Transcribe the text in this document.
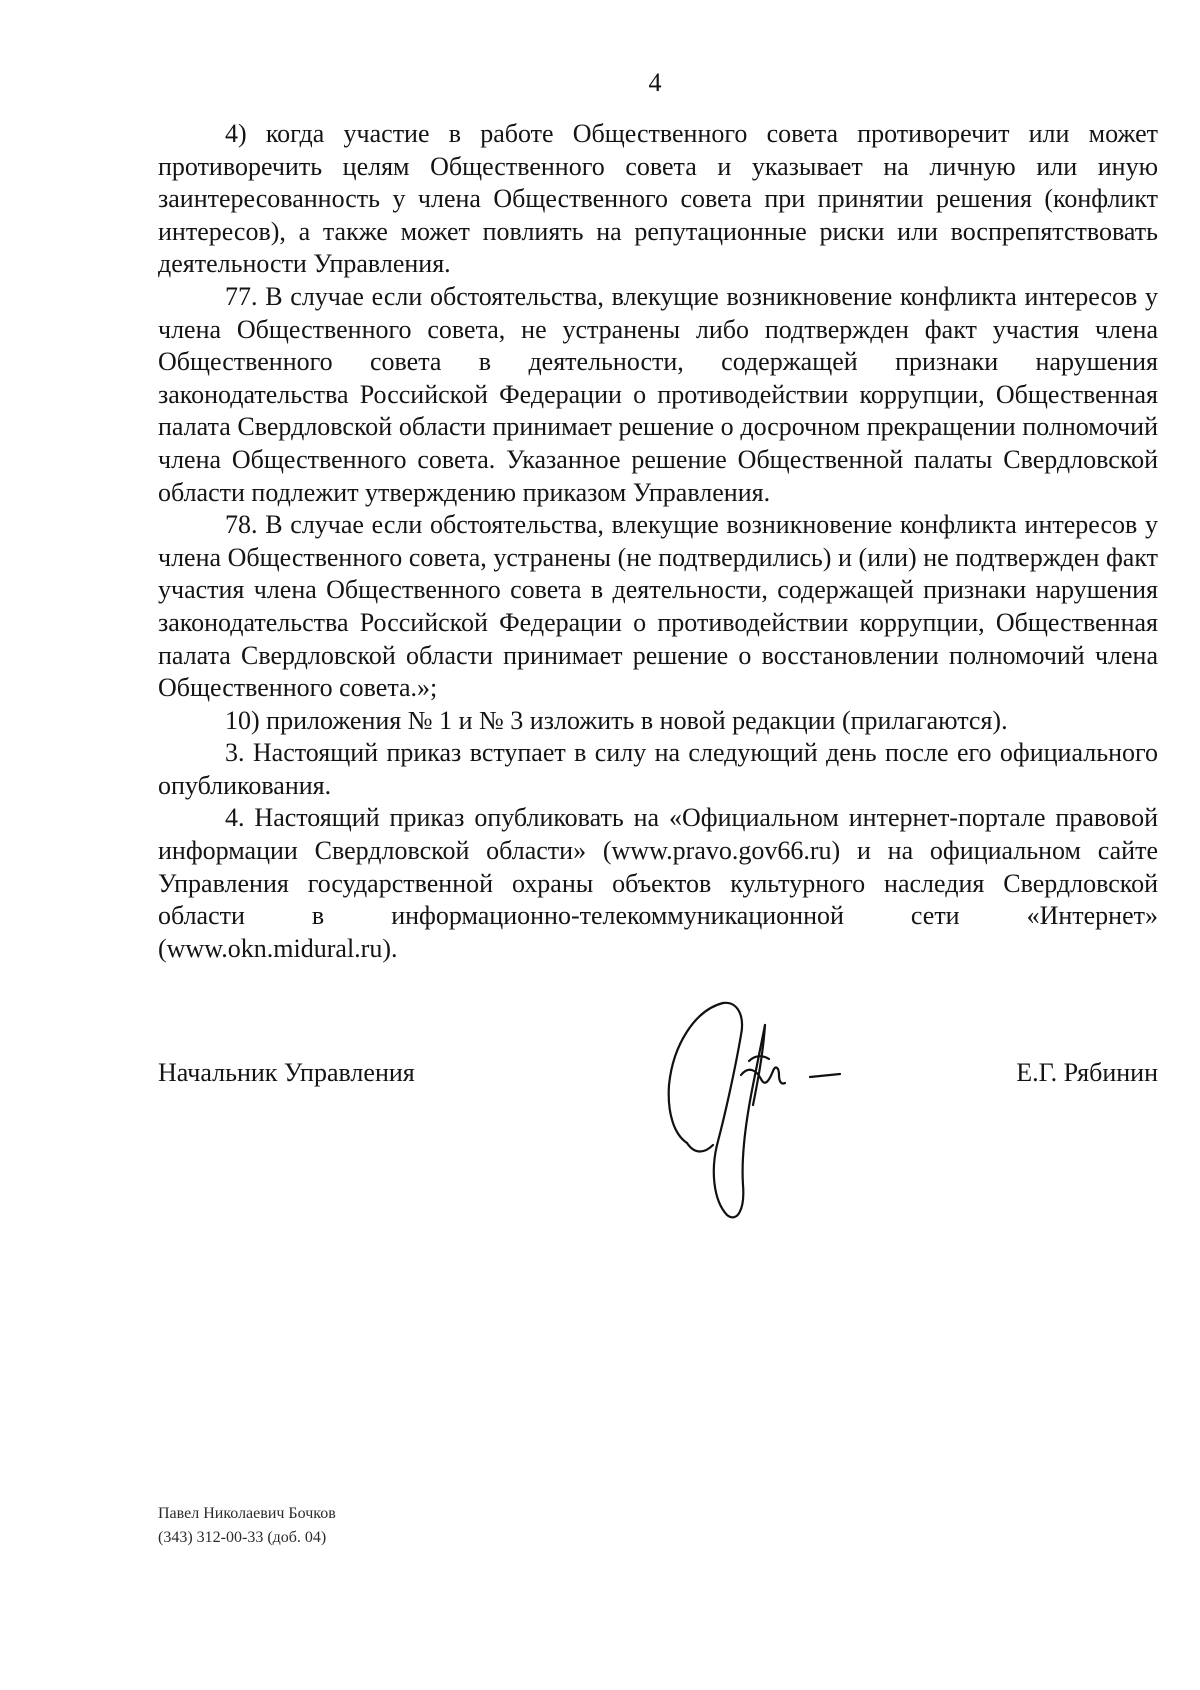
4

4) когда участие в работе Общественного совета противоречит или может противоречить целям Общественного совета и указывает на личную или иную заинтересованность у члена Общественного совета при принятии решения (конфликт интересов), а также может повлиять на репутационные риски или воспрепятствовать деятельности Управления.

77. В случае если обстоятельства, влекущие возникновение конфликта интересов у члена Общественного совета, не устранены либо подтвержден факт участия члена Общественного совета в деятельности, содержащей признаки нарушения законодательства Российской Федерации о противодействии коррупции, Общественная палата Свердловской области принимает решение о досрочном прекращении полномочий члена Общественного совета. Указанное решение Общественной палаты Свердловской области подлежит утверждению приказом Управления.

78. В случае если обстоятельства, влекущие возникновение конфликта интересов у члена Общественного совета, устранены (не подтвердились) и (или) не подтвержден факт участия члена Общественного совета в деятельности, содержащей признаки нарушения законодательства Российской Федерации о противодействии коррупции, Общественная палата Свердловской области принимает решение о восстановлении полномочий члена Общественного совета.»;

10) приложения № 1 и № 3 изложить в новой редакции (прилагаются).

3. Настоящий приказ вступает в силу на следующий день после его официального опубликования.

4. Настоящий приказ опубликовать на «Официальном интернет-портале правовой информации Свердловской области» (www.pravo.gov66.ru) и на официальном сайте Управления государственной охраны объектов культурного наследия Свердловской области в информационно-телекоммуникационной сети «Интернет» (www.okn.midural.ru).

Начальник Управления	Е.Г. Рябинин
Павел Николаевич Бочков
(343) 312-00-33 (доб. 04)
